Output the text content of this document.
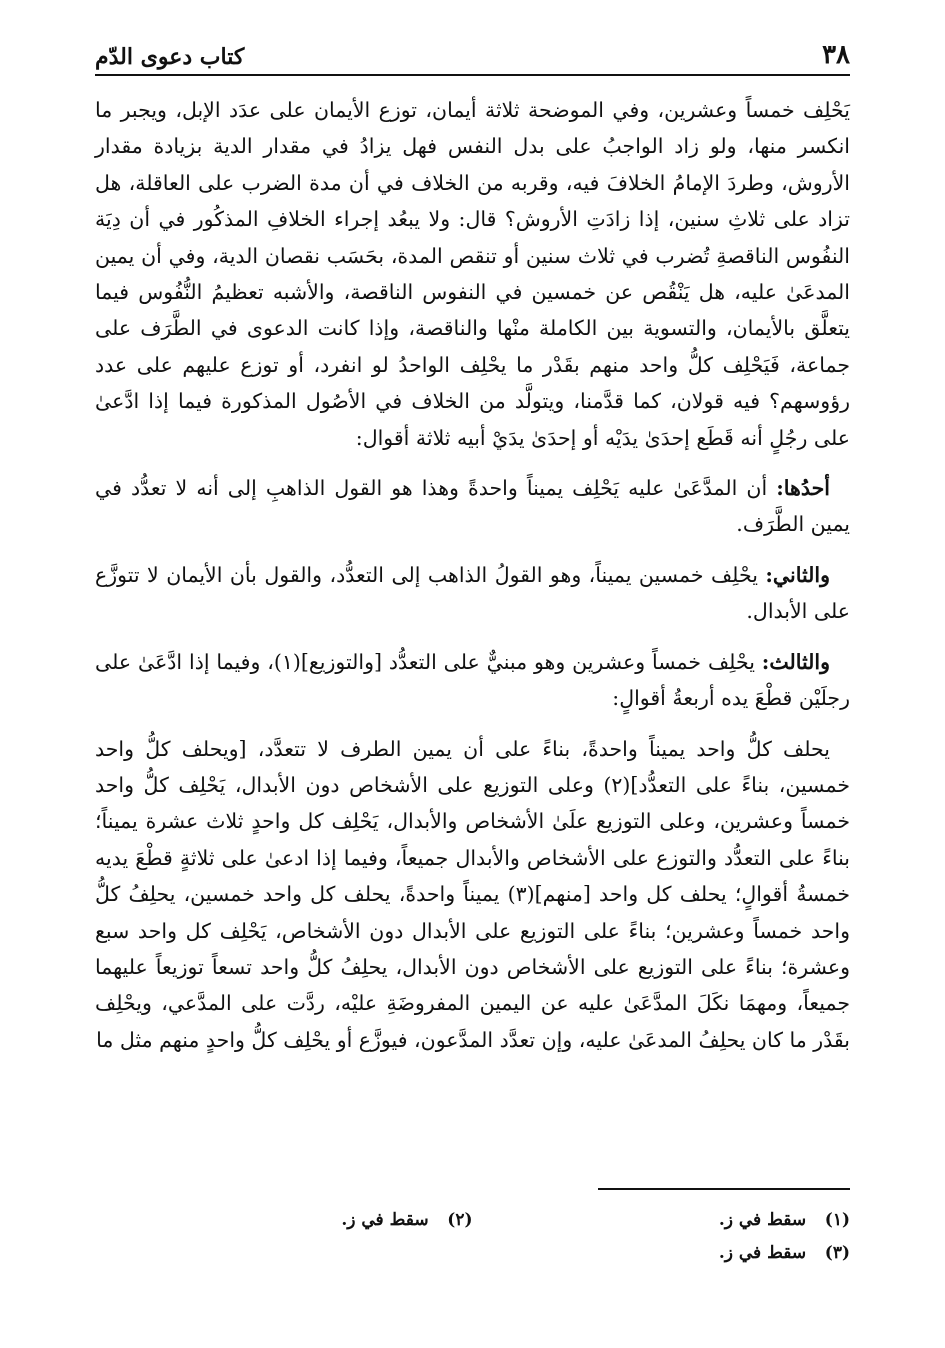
٣٨
كتاب دعوى الدّم

يَحْلِف خمساً وعشرين، وفي الموضحة ثلاثة أيمان، توزع الأيمان على عدَد الإبل، ويجبر ما انكسر منها، ولو زاد الواجبُ على بدل النفس فهل يزادُ في مقدار الدية بزيادة مقدار الأروش، وطردَ الإمامُ الخلافَ فيه، وقربه من الخلاف في أن مدة الضرب على العاقلة، هل تزاد على ثلاثِ سنين، إذا زادَتِ الأروش؟ قال: ولا يبعُد إجراء الخلافِ المذكُور في أن دِيَة النفُوس الناقصةِ تُضرب في ثلاث سنين أو تنقص المدة، بحَسَب نقصان الدية، وفي أن يمين المدعَىٰ عليه، هل يَنْقُص عن خمسين في النفوس الناقصة، والأشبه تعظيمُ النُّفُوس فيما يتعلَّق بالأيمان، والتسوية بين الكاملة منْها والناقصة، وإذا كانت الدعوى في الطَّرَف على جماعة، فَيَحْلِف كلُّ واحد منهم بقَدْر ما يحْلِف الواحدُ لو انفرد، أو توزع عليهم على عدد رؤوسهم؟ فيه قولان، كما قدَّمنا، ويتولَّد من الخلاف في الأصُول المذكورة فيما إذا ادَّعىٰ على رجُلٍ أنه قَطَع إحدَىٰ يدَيْه أو إحدَىٰ يدَيْ أبيه ثلاثة أقوال:

أحدُها: أن المدَّعَىٰ عليه يَحْلِف يميناً واحدةً وهذا هو القول الذاهبِ إلى أنه لا تعدُّد في يمين الطَّرَف.

والثاني: يحْلِف خمسين يميناً، وهو القولُ الذاهب إلى التعدُّد، والقول بأن الأيمان لا تتوزَّع على الأبدال.

والثالث: يحْلِف خمساً وعشرين وهو مبنيٌّ على التعدُّد [والتوزيع](١)، وفيما إذا ادَّعَىٰ على رجلَيْن قطْعَ يده أربعةُ أقوالٍ:

يحلف كلُّ واحد يميناً واحدةً، بناءً على أن يمين الطرف لا تتعدَّد، [ويحلف كلُّ واحد خمسين، بناءً على التعدُّد](٢) وعلى التوزيع على الأشخاص دون الأبدال، يَحْلِف كلُّ واحد خمساً وعشرين، وعلى التوزيع علَىٰ الأشخاص والأبدال، يَحْلِف كل واحدٍ ثلاث عشرة يميناً؛ بناءً على التعدُّد والتوزع على الأشخاص والأبدال جميعاً، وفيما إذا ادعىٰ على ثلاثةٍ قطْعَ يديه خمسةُ أقوالٍ؛ يحلف كل واحد [منهم](٣) يميناً واحدةً، يحلف كل واحد خمسين، يحلِفُ كلُّ واحد خمساً وعشرين؛ بناءً على التوزيع على الأبدال دون الأشخاص، يَحْلِف كل واحد سبع وعشرة؛ بناءً على التوزيع على الأشخاص دون الأبدال، يحلِفُ كلُّ واحد تسعاً توزيعاً عليهما جميعاً، ومهمَا نكَلَ المدَّعَىٰ عليه عن اليمين المفروضَةِ عليْه، ردَّت على المدَّعي، ويحْلِف بقَدْر ما كان يحلِفُ المدعَىٰ عليه، وإن تعدَّد المدَّعون، فيوزَّع أو يحْلِف كلُّ واحدٍ منهم مثل ما

(١) سقط في ز.
(٢) سقط في ز.
(٣) سقط في ز.
